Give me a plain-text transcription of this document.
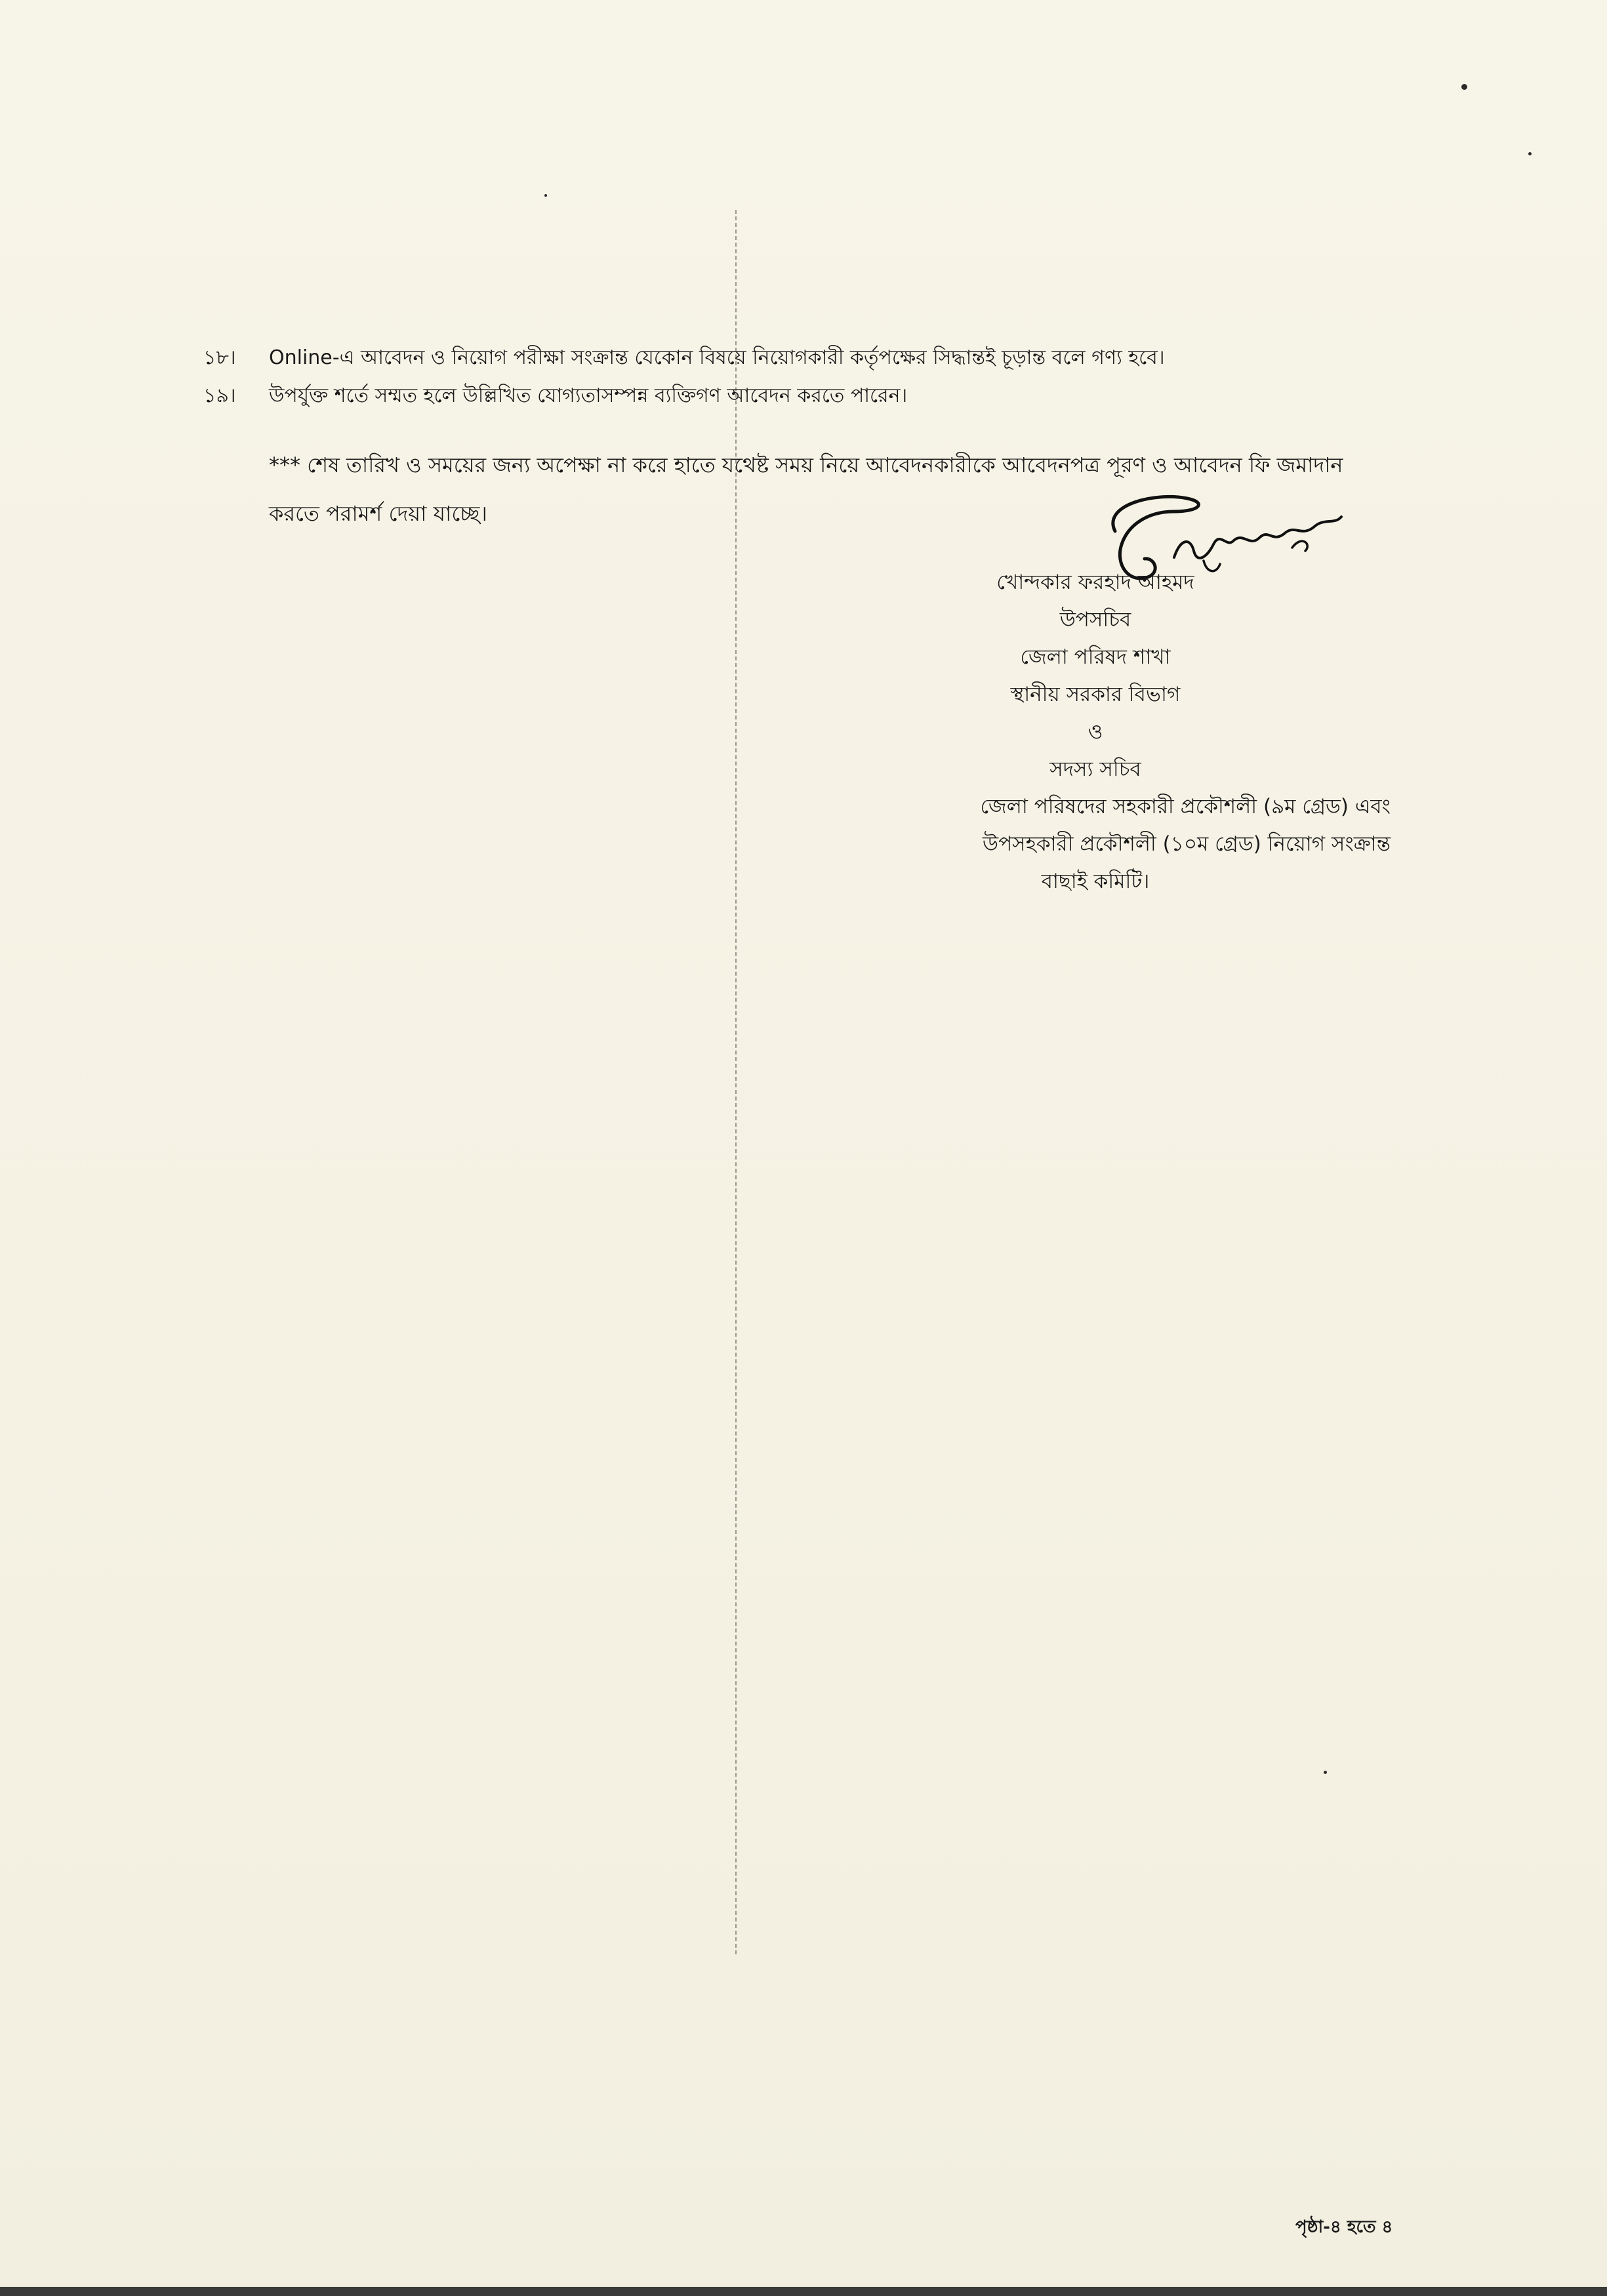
১৮। Online-এ আবেদন ও নিয়োগ পরীক্ষা সংক্রান্ত যেকোন বিষয়ে নিয়োগকারী কর্তৃপক্ষের সিদ্ধান্তই চূড়ান্ত বলে গণ্য হবে।
১৯। উপর্যুক্ত শর্তে সম্মত হলে উল্লিখিত যোগ্যতাসম্পন্ন ব্যক্তিগণ আবেদন করতে পারেন।
*** শেষ তারিখ ও সময়ের জন্য অপেক্ষা না করে হাতে যথেষ্ট সময় নিয়ে আবেদনকারীকে আবেদনপত্র পূরণ ও আবেদন ফি জমাদান করতে পরামর্শ দেয়া যাচ্ছে।
খোন্দকার ফরহাদ আহমদ
উপসচিব
জেলা পরিষদ শাখা
স্থানীয় সরকার বিভাগ
ও
সদস্য সচিব
জেলা পরিষদের সহকারী প্রকৌশলী (৯ম গ্রেড) এবং
উপসহকারী প্রকৌশলী (১০ম গ্রেড) নিয়োগ সংক্রান্ত
বাছাই কমিটি।
পৃষ্ঠা-৪ হতে ৪
